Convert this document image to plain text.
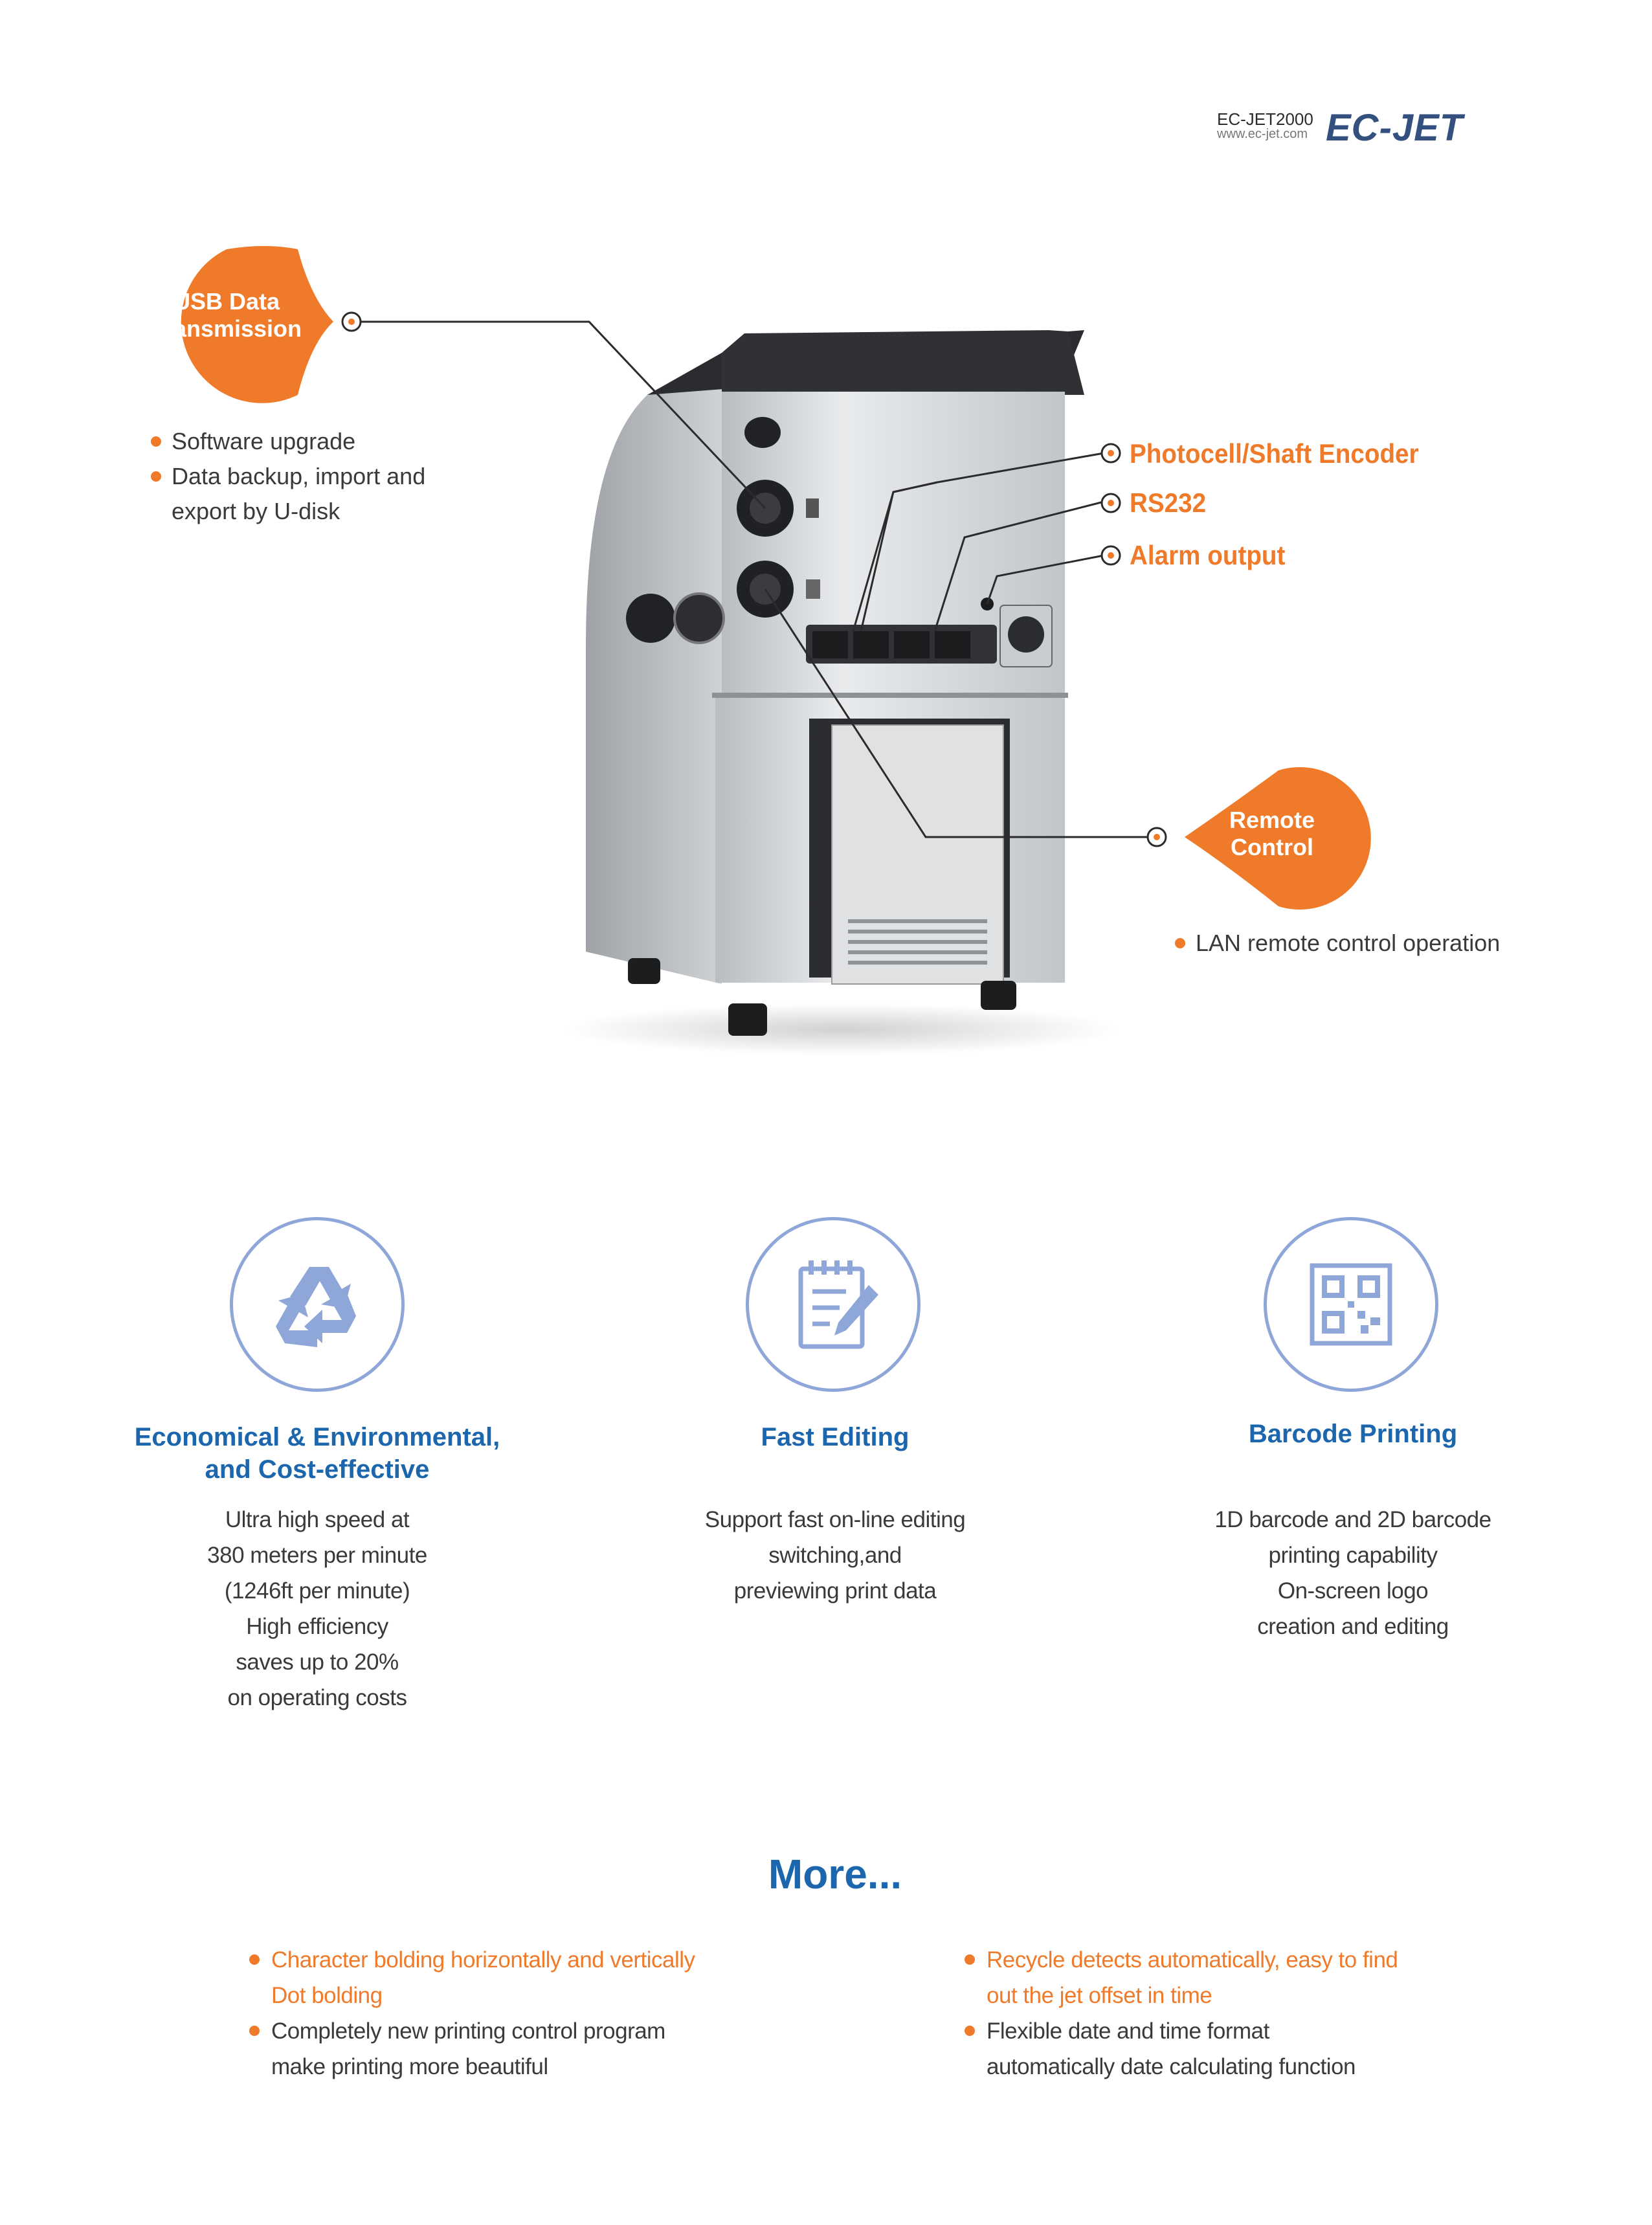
EC-JET2000
www.ec-jet.com EC-JET
USB Data
Transmission
Software upgrade
Data backup, import and
export by U-disk
Photocell/Shaft Encoder
RS232
Alarm output
Remote
Control
LAN remote control operation
Economical & Environmental,
and Cost-effective
Ultra high speed at
380 meters per minute
(1246ft per minute)
High efficiency
saves up to 20%
on operating costs
Fast Editing
Support fast on-line editing
switching,and
previewing print data
Barcode Printing
1D barcode and 2D barcode
printing capability
On-screen logo
creation and editing
More...
Character bolding horizontally and vertically
Dot bolding
Completely new printing control program
make printing more beautiful
Recycle detects automatically, easy to find
out the jet offset in time
Flexible date and time format
automatically date calculating function
